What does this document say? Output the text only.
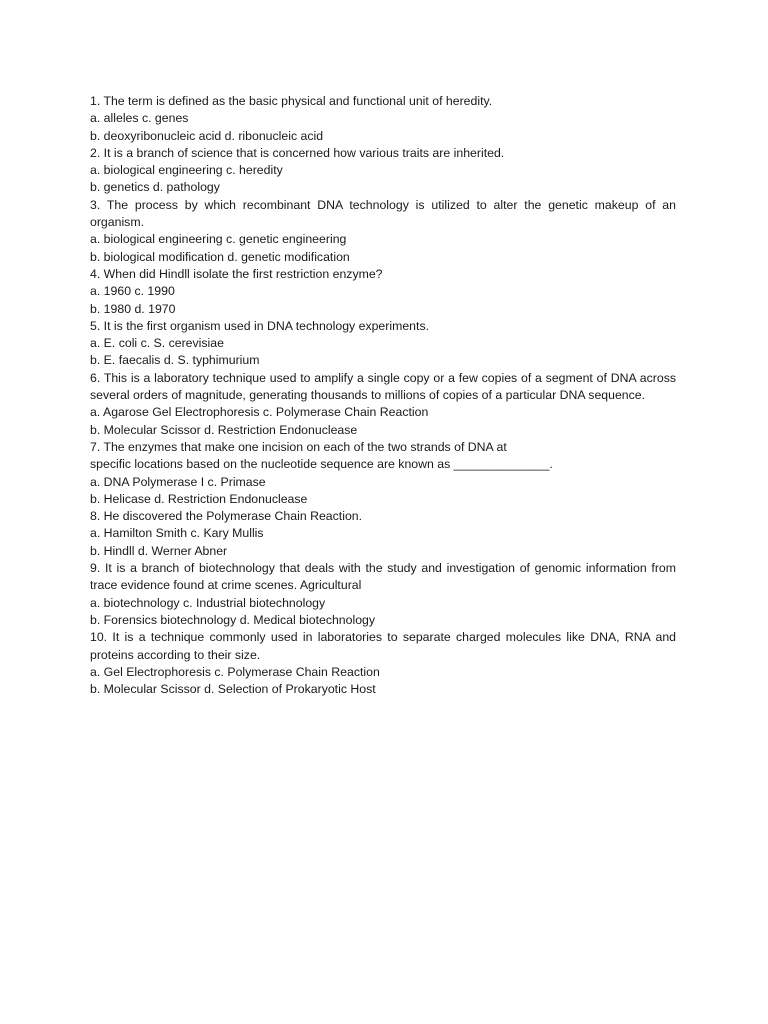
1. The term is defined as the basic physical and functional unit of heredity.
a. alleles c. genes
b. deoxyribonucleic acid d. ribonucleic acid
2. It is a branch of science that is concerned how various traits are inherited.
a. biological engineering c. heredity
b. genetics d. pathology
3. The process by which recombinant DNA technology is utilized to alter the genetic makeup of an organism.
a. biological engineering c. genetic engineering
b. biological modification d. genetic modification
4. When did Hindll isolate the first restriction enzyme?
a. 1960 c. 1990
b. 1980 d. 1970
5. It is the first organism used in DNA technology experiments.
a. E. coli c. S. cerevisiae
b. E. faecalis d. S. typhimurium
6. This is a laboratory technique used to amplify a single copy or a few copies of a segment of DNA across several orders of magnitude, generating thousands to millions of copies of a particular DNA sequence.
a. Agarose Gel Electrophoresis c. Polymerase Chain Reaction
b. Molecular Scissor d. Restriction Endonuclease
7. The enzymes that make one incision on each of the two strands of DNA at
specific locations based on the nucleotide sequence are known as ______________.
a. DNA Polymerase I c. Primase
b. Helicase d. Restriction Endonuclease
8. He discovered the Polymerase Chain Reaction.
a. Hamilton Smith c. Kary Mullis
b. Hindll d. Werner Abner
9. It is a branch of biotechnology that deals with the study and investigation of genomic information from trace evidence found at crime scenes. Agricultural
a. biotechnology c. Industrial biotechnology
b. Forensics biotechnology d. Medical biotechnology
10. It is a technique commonly used in laboratories to separate charged molecules like DNA, RNA and proteins according to their size.
a. Gel Electrophoresis c. Polymerase Chain Reaction
b. Molecular Scissor d. Selection of Prokaryotic Host
